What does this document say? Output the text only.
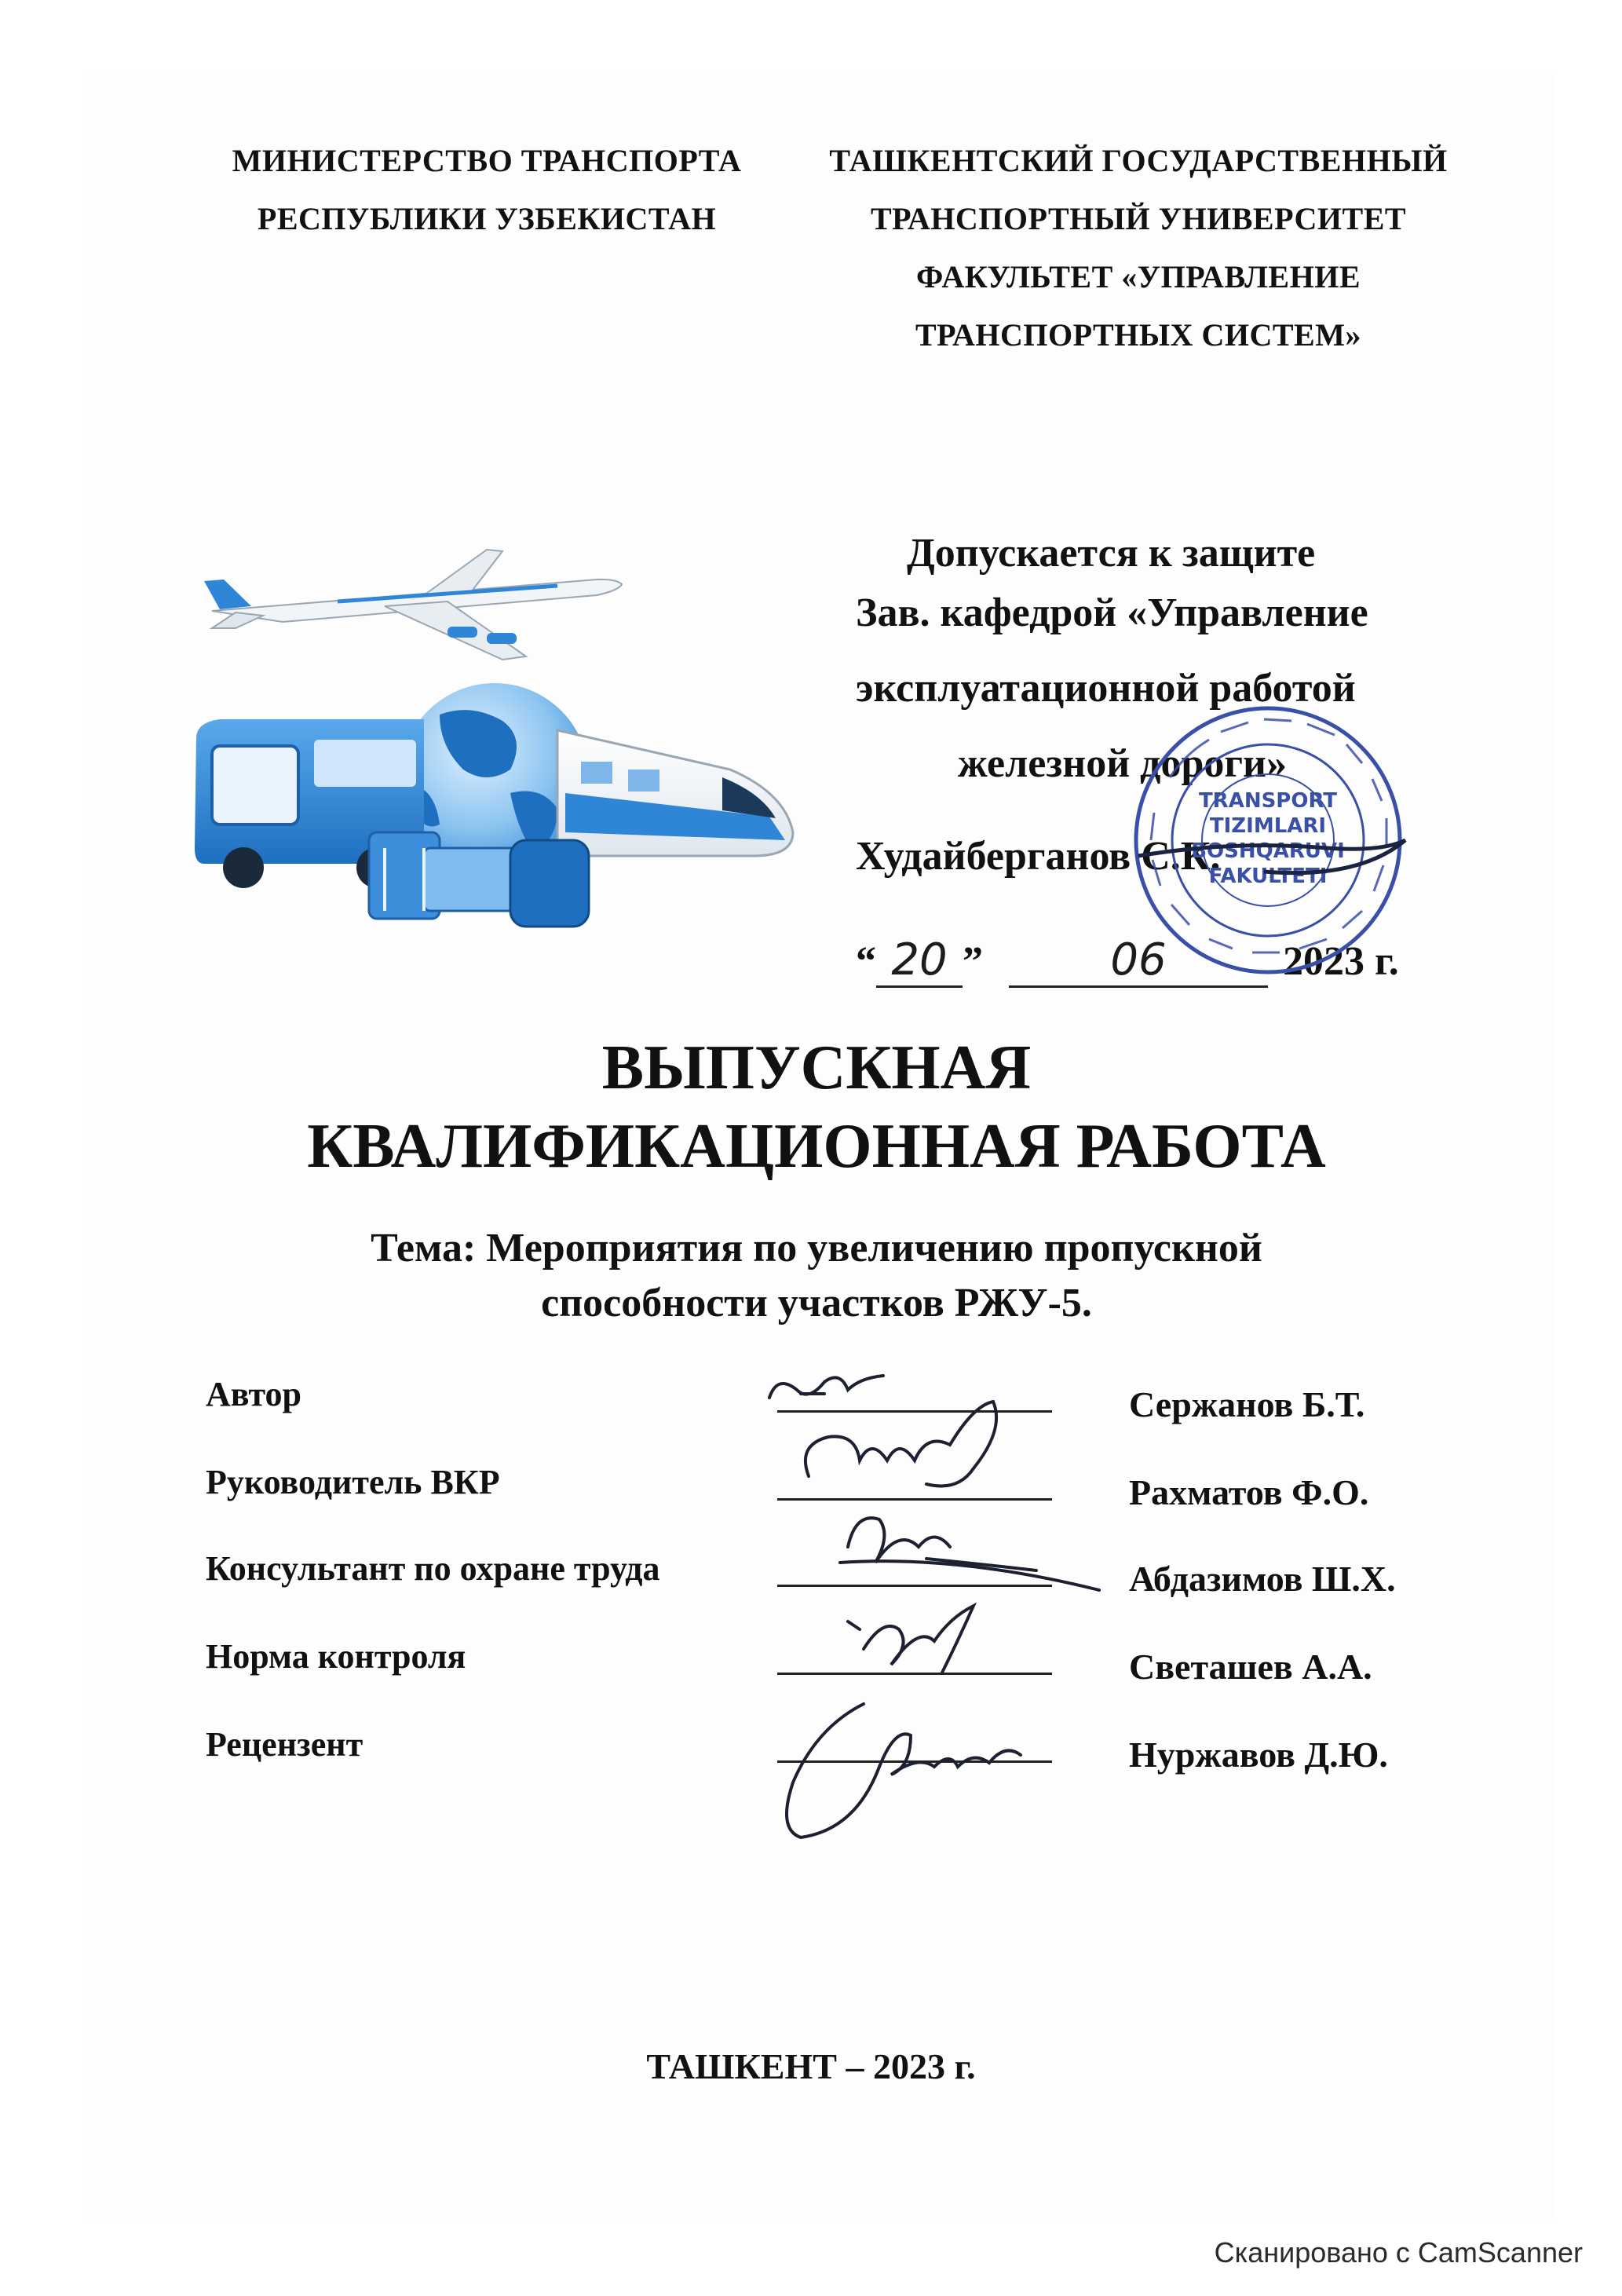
МИНИСТЕРСТВО ТРАНСПОРТА
РЕСПУБЛИКИ УЗБЕКИСТАН
ТАШКЕНТСКИЙ ГОСУДАРСТВЕННЫЙ
ТРАНСПОРТНЫЙ УНИВЕРСИТЕТ
ФАКУЛЬТЕТ «УПРАВЛЕНИЕ
ТРАНСПОРТНЫХ СИСТЕМ»
Допускается к защите
Зав. кафедрой «Управление
эксплуатационной работой
железной дороги»
Худайберганов С.К.
“ 20 ”	06	2023 г.
TRANSPORT
TIZIMLARI
BOSHQARUVI
FAKULTETI
ВЫПУСКНАЯ
КВАЛИФИКАЦИОННАЯ РАБОТА
Тема: Мероприятия по увеличению пропускной
способности участков РЖУ-5.
Автор	Сержанов Б.Т.
Руководитель ВКР	Рахматов Ф.О.
Консультант по охране труда	Абдазимов Ш.Х.
Норма контроля	Светашев А.А.
Рецензент	Нуржавов Д.Ю.
ТАШКЕНТ – 2023 г.
Сканировано с CamScanner
